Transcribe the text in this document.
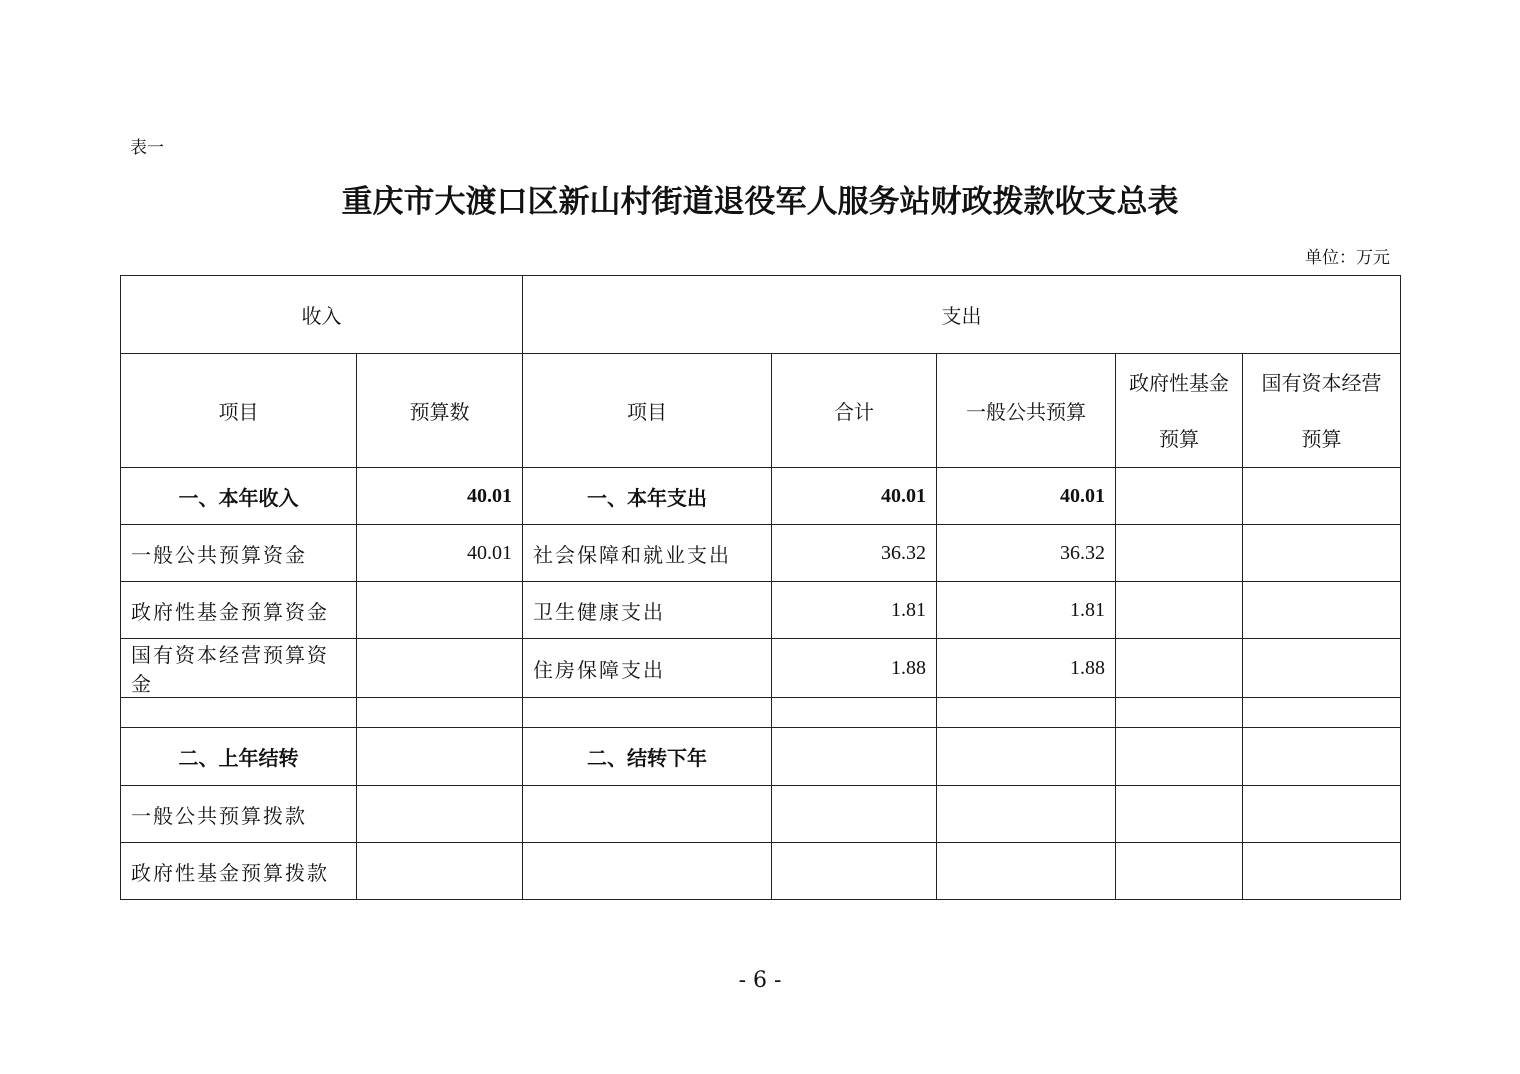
表一
重庆市大渡口区新山村街道退役军人服务站财政拨款收支总表
单位：万元
收入		支出				
项目	预算数	项目	合计	一般公共预算	政府性基金预算	国有资本经营预算
一、本年收入	40.01	一、本年支出	40.01	40.01		
一般公共预算资金	40.01	社会保障和就业支出	36.32	36.32		
政府性基金预算资金		卫生健康支出	1.81	1.81		
国有资本经营预算资金		住房保障支出	1.88	1.88		

二、上年结转		二、结转下年				
一般公共预算拨款						
政府性基金预算拨款						
- 6 -
